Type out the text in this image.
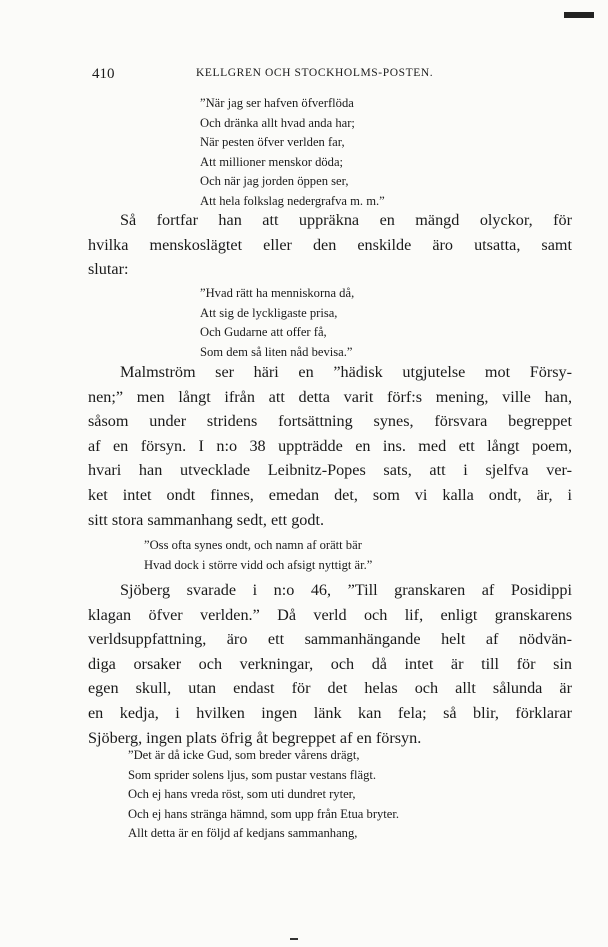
410	KELLGREN OCH STOCKHOLMS-POSTEN.
”När jag ser hafven öfverflöda
Och dränka allt hvad anda har;
När pesten öfver verlden far,
Att millioner menskor döda;
Och när jag jorden öppen ser,
Att hela folkslag nedergrafva m. m.”
Så fortfar han att uppräkna en mängd olyckor, för
hvilka menskoslägtet eller den enskilde äro utsatta, samt
slutar:
”Hvad rätt ha menniskorna då,
Att sig de lyckligaste prisa,
Och Gudarne att offer få,
Som dem så liten nåd bevisa.”
Malmström ser häri en ”hädisk utgjutelse mot Försy-
nen;” men långt ifrån att detta varit förf:s mening, ville han,
såsom under stridens fortsättning synes, försvara begreppet
af en försyn. I n:o 38 uppträdde en ins. med ett långt poem,
hvari han utvecklade Leibnitz-Popes sats, att i sjelfva ver-
ket intet ondt finnes, emedan det, som vi kalla ondt, är, i
sitt stora sammanhang sedt, ett godt.
”Oss ofta synes ondt, och namn af orätt bär
Hvad dock i större vidd och afsigt nyttigt är.”
Sjöberg svarade i n:o 46, ”Till granskaren af Posidippi
klagan öfver verlden.” Då verld och lif, enligt granskarens
verldsuppfattning, äro ett sammanhängande helt af nödvän-
diga orsaker och verkningar, och då intet är till för sin
egen skull, utan endast för det helas och allt sålunda är
en kedja, i hvilken ingen länk kan fela; så blir, förklarar
Sjöberg, ingen plats öfrig åt begreppet af en försyn.
”Det är då icke Gud, som breder vårens drägt,
Som sprider solens ljus, som pustar vestans flägt.
Och ej hans vreda röst, som uti dundret ryter,
Och ej hans stränga hämnd, som upp från Etua bryter.
Allt detta är en följd af kedjans sammanhang,
